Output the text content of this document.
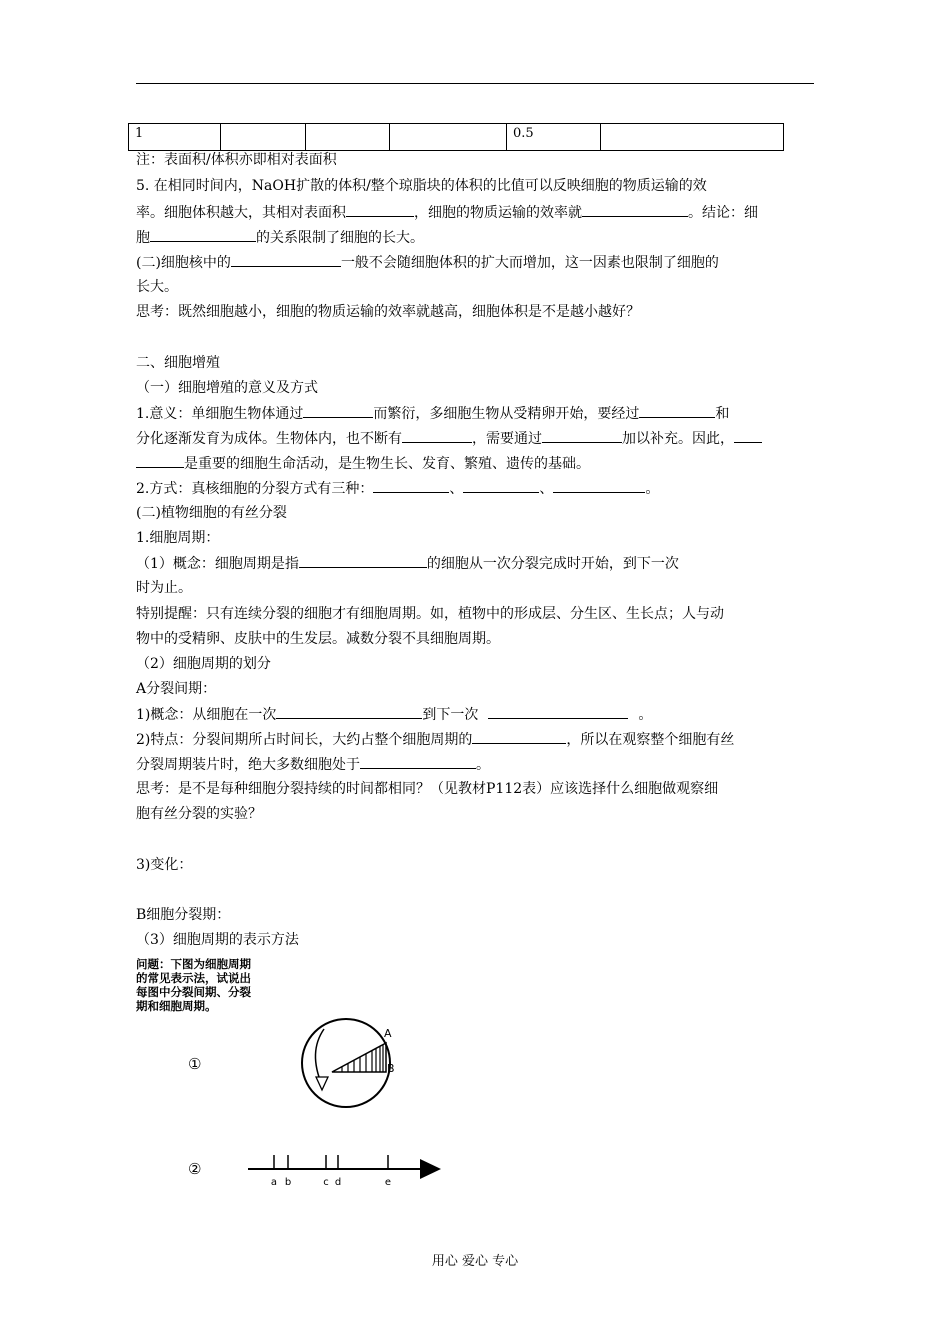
1				0.5	
注：表面积/体积亦即相对表面积
5. 在相同时间内，NaOH扩散的体积/整个琼脂块的体积的比值可以反映细胞的物质运输的效
率。细胞体积越大，其相对表面积	，细胞的物质运输的效率就	。结论：细
胞	的关系限制了细胞的长大。
(二)细胞核中的	一般不会随细胞体积的扩大而增加，这一因素也限制了细胞的
长大。
思考：既然细胞越小，细胞的物质运输的效率就越高，细胞体积是不是越小越好？
二、细胞增殖
（一）细胞增殖的意义及方式
1.意义：单细胞生物体通过	而繁衍，多细胞生物从受精卵开始，要经过	和
分化逐渐发育为成体。生物体内，也不断有	，需要通过	加以补充。因此，
是重要的细胞生命活动，是生物生长、发育、繁殖、遗传的基础。
2.方式：真核细胞的分裂方式有三种：	、	、	。
(二)植物细胞的有丝分裂
1.细胞周期：
（1）概念：细胞周期是指	的细胞从一次分裂完成时开始，到下一次
时为止。
特别提醒：只有连续分裂的细胞才有细胞周期。如，植物中的形成层、分生区、生长点；人与动
物中的受精卵、皮肤中的生发层。减数分裂不具细胞周期。
（2）细胞周期的划分
A分裂间期：
1)概念：从细胞在一次	到下一次	。
2)特点：分裂间期所占时间长，大约占整个细胞周期的	，所以在观察整个细胞有丝
分裂周期装片时，绝大多数细胞处于	。
思考：是不是每种细胞分裂持续的时间都相同？（见教材P112表）应该选择什么细胞做观察细
胞有丝分裂的实验？
3)变化：
B细胞分裂期：
（3）细胞周期的表示方法
问题：下图为细胞周期
的常见表示法，试说出
每图中分裂间期、分裂
期和细胞周期。
①
A
B
②
a b	c d	e
用心 爱心 专心
